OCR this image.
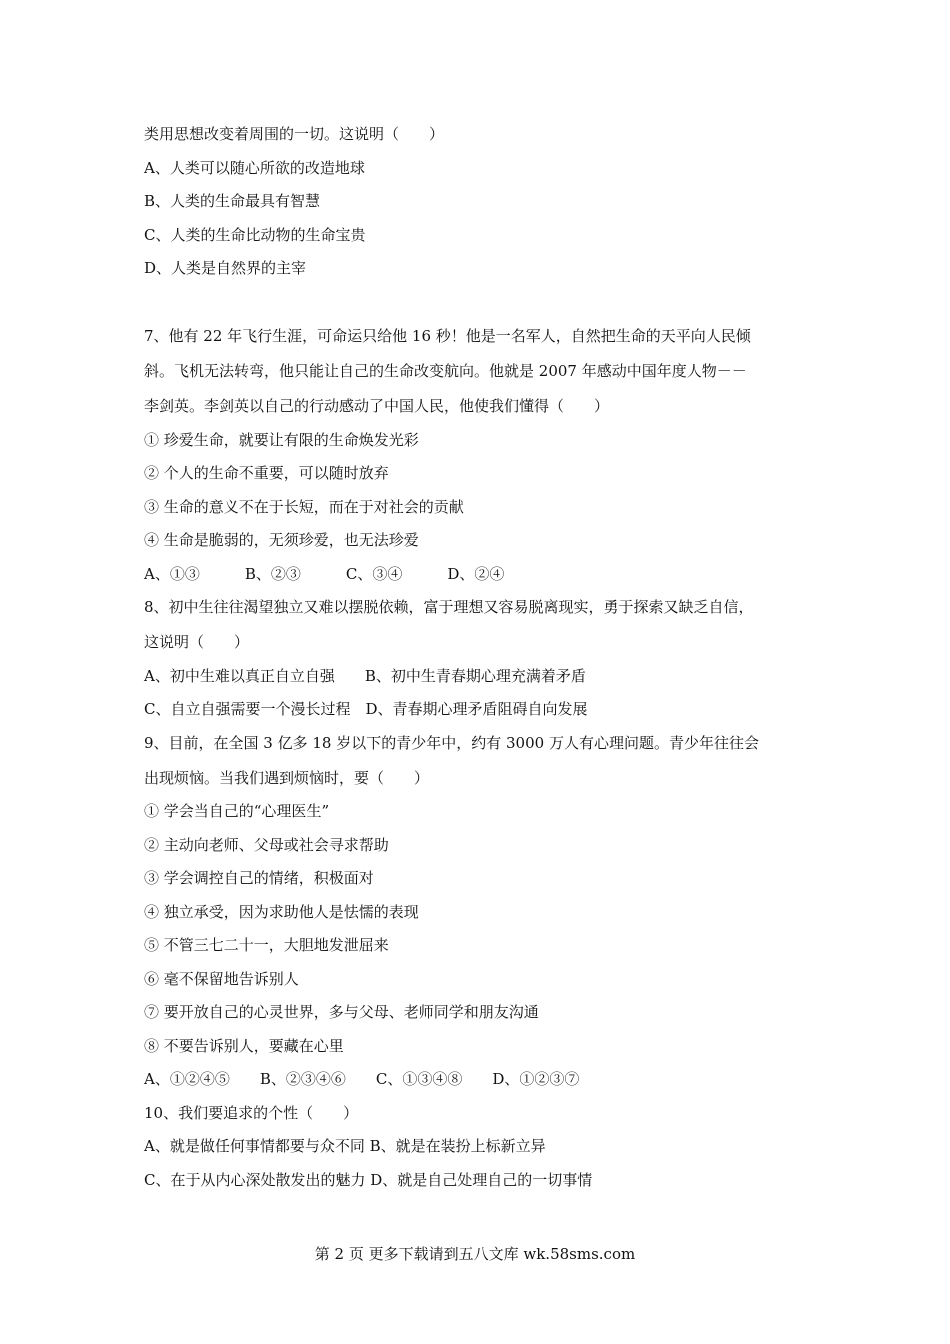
类用思想改变着周围的一切。这说明（　　）

A、人类可以随心所欲的改造地球

B、人类的生命最具有智慧

C、人类的生命比动物的生命宝贵

D、人类是自然界的主宰

7、他有 22 年飞行生涯，可命运只给他 16 秒！他是一名军人，自然把生命的天平向人民倾

斜。飞机无法转弯，他只能让自己的生命改变航向。他就是 2007 年感动中国年度人物－－

李剑英。李剑英以自己的行动感动了中国人民，他使我们懂得（　　）

① 珍爱生命，就要让有限的生命焕发光彩

② 个人的生命不重要，可以随时放弃

③ 生命的意义不在于长短，而在于对社会的贡献

④ 生命是脆弱的，无须珍爱，也无法珍爱

A、①③　　　B、②③　　　C、③④　　　D、②④

8、初中生往往渴望独立又难以摆脱依赖，富于理想又容易脱离现实，勇于探索又缺乏自信，

这说明（　　）

A、初中生难以真正自立自强　　B、初中生青春期心理充满着矛盾

C、自立自强需要一个漫长过程　D、青春期心理矛盾阻碍自向发展

9、目前，在全国 3 亿多 18 岁以下的青少年中，约有 3000 万人有心理问题。青少年往往会

出现烦恼。当我们遇到烦恼时，要（　　）

① 学会当自己的“心理医生”

② 主动向老师、父母或社会寻求帮助

③ 学会调控自己的情绪，积极面对

④ 独立承受，因为求助他人是怯懦的表现

⑤ 不管三七二十一，大胆地发泄屈来

⑥ 毫不保留地告诉别人

⑦ 要开放自己的心灵世界，多与父母、老师同学和朋友沟通

⑧ 不要告诉别人，要藏在心里

A、①②④⑤　　B、②③④⑥　　C、①③④⑧　　D、①②③⑦

10、我们要追求的个性（　　）

A、就是做任何事情都要与众不同 B、就是在装扮上标新立异

C、在于从内心深处散发出的魅力 D、就是自己处理自己的一切事情

第 2 页 更多下载请到五八文库 wk.58sms.com
